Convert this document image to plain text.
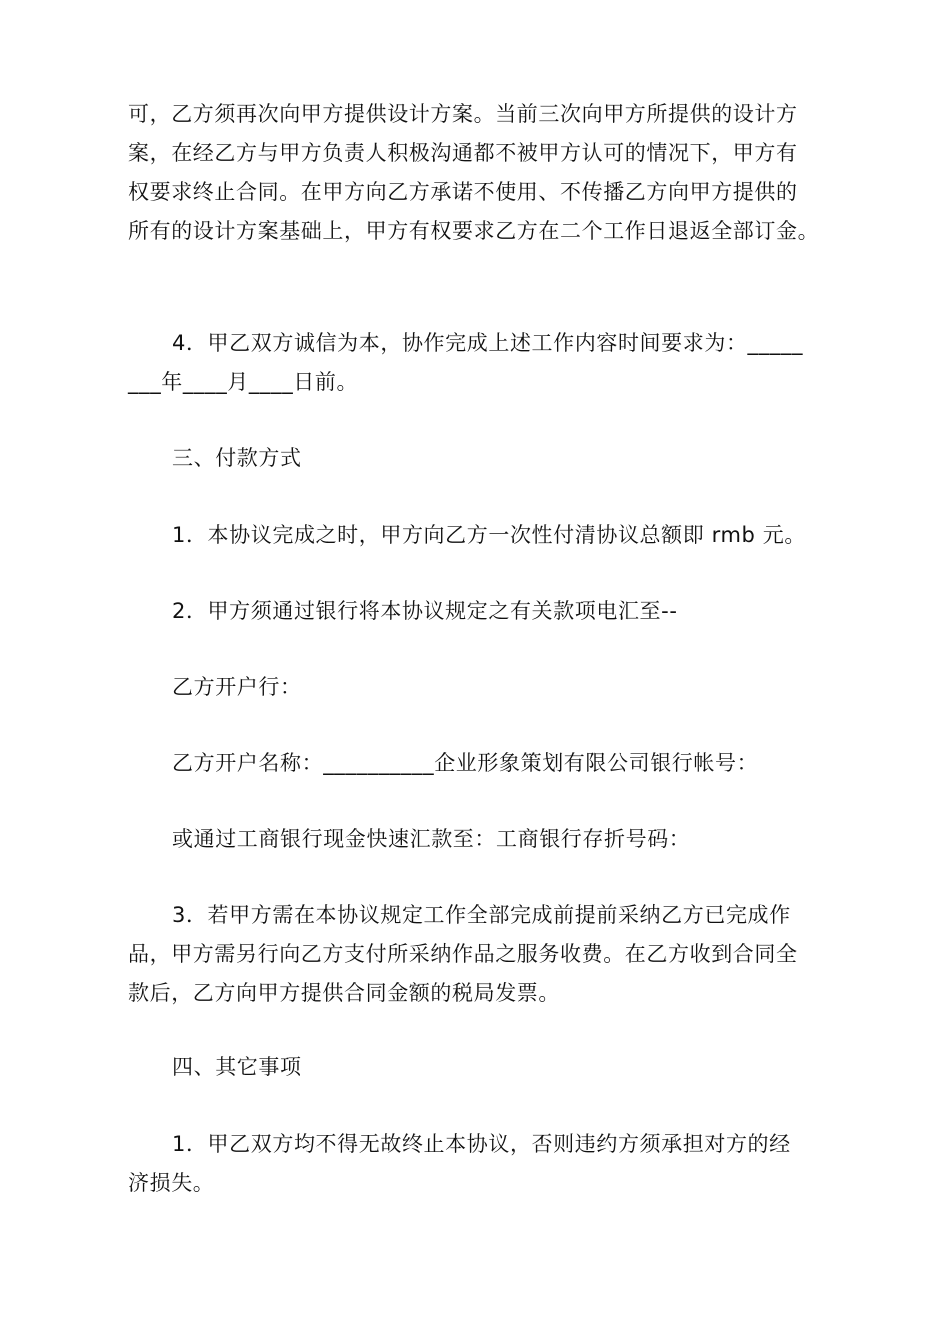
可，乙方须再次向甲方提供设计方案。当前三次向甲方所提供的设计方
案，在经乙方与甲方负责人积极沟通都不被甲方认可的情况下，甲方有
权要求终止合同。在甲方向乙方承诺不使用、不传播乙方向甲方提供的
所有的设计方案基础上，甲方有权要求乙方在二个工作日退返全部订金。
4．甲乙双方诚信为本，协作完成上述工作内容时间要求为：_____
___年____月____日前。
三、付款方式
1．本协议完成之时，甲方向乙方一次性付清协议总额即 rmb 元。
2．甲方须通过银行将本协议规定之有关款项电汇至--
乙方开户行：
乙方开户名称：__________企业形象策划有限公司银行帐号：
或通过工商银行现金快速汇款至：工商银行存折号码：
3．若甲方需在本协议规定工作全部完成前提前采纳乙方已完成作
品，甲方需另行向乙方支付所采纳作品之服务收费。在乙方收到合同全
款后，乙方向甲方提供合同金额的税局发票。
四、其它事项
1．甲乙双方均不得无故终止本协议，否则违约方须承担对方的经
济损失。
